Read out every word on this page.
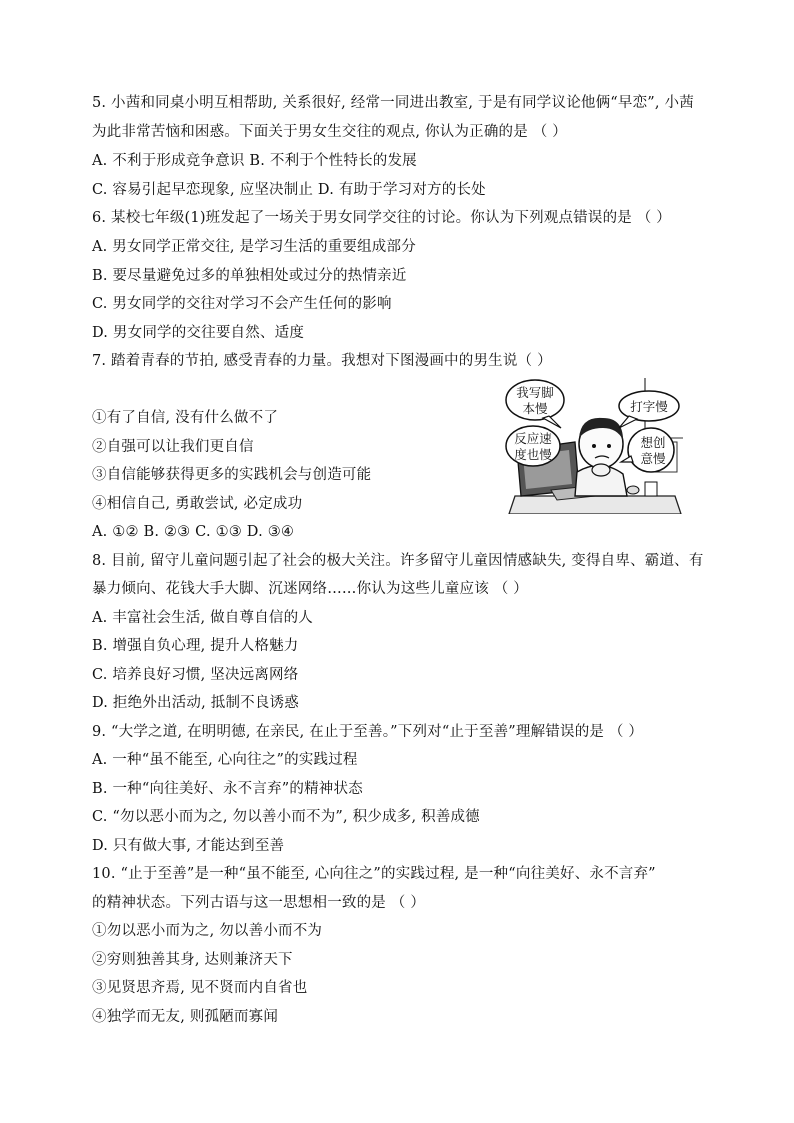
5. 小茜和同桌小明互相帮助, 关系很好, 经常一同进出教室, 于是有同学议论他俩“早恋”, 小茜
为此非常苦恼和困惑。下面关于男女生交往的观点, 你认为正确的是 （ ）
A. 不利于形成竞争意识 B. 不利于个性特长的发展
C. 容易引起早恋现象, 应坚决制止 D. 有助于学习对方的长处
6. 某校七年级(1)班发起了一场关于男女同学交往的讨论。你认为下列观点错误的是 （ ）
A. 男女同学正常交往, 是学习生活的重要组成部分
B. 要尽量避免过多的单独相处或过分的热情亲近
C. 男女同学的交往对学习不会产生任何的影响
D. 男女同学的交往要自然、适度
7. 踏着青春的节拍, 感受青春的力量。我想对下图漫画中的男生说（ ）
①有了自信, 没有什么做不了
②自强可以让我们更自信
③自信能够获得更多的实践机会与创造可能
④相信自己, 勇敢尝试, 必定成功
A. ①② B. ②③ C. ①③ D. ③④
我写脚
本慢	打字慢
反应速
度也慢
想创
意慢
8. 目前, 留守儿童问题引起了社会的极大关注。许多留守儿童因情感缺失, 变得自卑、霸道、有
暴力倾向、花钱大手大脚、沉迷网络……你认为这些儿童应该 （ ）
A. 丰富社会生活, 做自尊自信的人
B. 增强自负心理, 提升人格魅力
C. 培养良好习惯, 坚决远离网络
D. 拒绝外出活动, 抵制不良诱惑
9. “大学之道, 在明明德, 在亲民, 在止于至善。”下列对“止于至善”理解错误的是 （ ）
A. 一种“虽不能至, 心向往之”的实践过程
B. 一种“向往美好、永不言弃”的精神状态
C. “勿以恶小而为之, 勿以善小而不为”, 积少成多, 积善成德
D. 只有做大事, 才能达到至善
10. “止于至善”是一种“虽不能至, 心向往之”的实践过程, 是一种“向往美好、永不言弃”
的精神状态。下列古语与这一思想相一致的是 （ ）
①勿以恶小而为之, 勿以善小而不为
②穷则独善其身, 达则兼济天下
③见贤思齐焉, 见不贤而内自省也
④独学而无友, 则孤陋而寡闻
